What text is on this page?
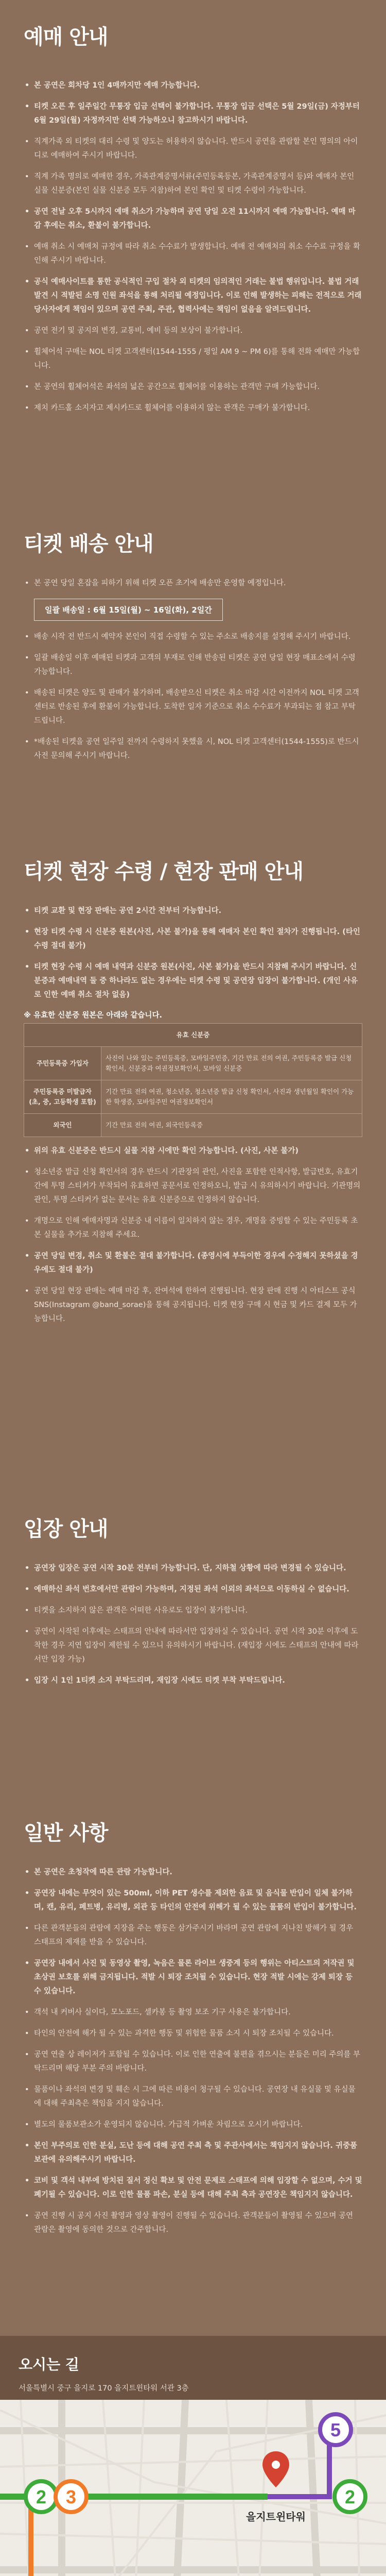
예매 안내
• 본 공연은 회차당 1인 4매까지만 예매 가능합니다.
• 티켓 오픈 후 일주일간 무통장 입금 선택이 불가합니다. 무통장 입금 선택은 5월 29일(금) 자정부터 6월 29일(월) 자정까지만 선택 가능하오니 참고하시기 바랍니다.
• 직계가족 외 티켓의 대리 수령 및 양도는 허용하지 않습니다. 반드시 공연을 관람할 본인 명의의 아이디로 예매하여 주시기 바랍니다.
• 직계 가족 명의로 예매한 경우, 가족관계증명서류(주민등록등본, 가족관계증명서 등)와 예매자 본인 실물 신분증(본인 실물 신분증 모두 지참)하여 본인 확인 및 티켓 수령이 가능합니다.
• 공연 전날 오후 5시까지 예매 취소가 가능하며 공연 당일 오전 11시까지 예매 가능합니다. 예매 마감 후에는 취소, 환불이 불가합니다.
• 예매 취소 시 예매처 규정에 따라 취소 수수료가 발생합니다. 예매 전 예매처의 취소 수수료 규정을 확인해 주시기 바랍니다.
• 공식 예매사이트를 통한 공식적인 구입 절차 외 티켓의 임의적인 거래는 불법 행위입니다. 불법 거래 발견 시 적발된 소명 인원 좌석을 통해 처리될 예정입니다. 이로 인해 발생하는 피해는 전적으로 거래 당사자에게 책임이 있으며 공연 주최, 주관, 협력사에는 책임이 없음을 알려드립니다.
• 공연 전기 및 공지의 변경, 교통비, 예비 등의 보상이 불가합니다.
• 휠체어석 구매는 NOL 티켓 고객센터(1544-1555 / 평일 AM 9 ~ PM 6)를 통해 전화 예매만 가능합니다.
• 본 공연의 휠체어석은 좌석의 넓은 공간으로 휠체어를 이용하는 관객만 구매 가능합니다.
• 제치 카드홀 소지자고 제시카드로 휠체어를 이용하지 않는 관객은 구매가 불가합니다.
티켓 배송 안내
• 본 공연 당일 혼잡을 피하기 위해 티켓 오픈 초기에 배송만 운영할 예정입니다.
일괄 배송일 : 6월 15일(월) ~ 16일(화), 2일간
• 배송 시작 전 반드시 예약자 본인이 직접 수령할 수 있는 주소로 배송지를 설정해 주시기 바랍니다.
• 일괄 배송일 이후 예매된 티켓과 고객의 부재로 인해 반송된 티켓은 공연 당일 현장 매표소에서 수령 가능합니다.
• 배송된 티켓은 양도 및 판매가 불가하며, 배송받으신 티켓은 취소 마감 시간 이전까지 NOL 티켓 고객센터로 반송된 후에 환불이 가능합니다. 도착한 일자 기준으로 취소 수수료가 부과되는 점 참고 부탁드립니다.
• *배송된 티켓을 공연 일주일 전까지 수령하지 못했을 시, NOL 티켓 고객센터(1544-1555)로 반드시 사전 문의해 주시기 바랍니다.
티켓 현장 수령 / 현장 판매 안내
• 티켓 교환 및 현장 판매는 공연 2시간 전부터 가능합니다.
• 현장 티켓 수령 시 신분증 원본(사진, 사본 불가)을 통해 예매자 본인 확인 절차가 진행됩니다. (타인 수령 절대 불가)
• 티켓 현장 수령 시 예매 내역과 신분증 원본(사진, 사본 불가)을 반드시 지참해 주시기 바랍니다. 신분증과 예매내역 둘 중 하나라도 없는 경우에는 티켓 수령 및 공연장 입장이 불가합니다. (개인 사유로 인한 예매 취소 절차 없음)
※ 유효한 신분증 원본은 아래와 같습니다.
유효 신분증	
주민등록증 가입자	사진이 나와 있는 주민등록증, 모바일주민증, 기간 만료 전의 여권, 주민등록증 발급 신청 확인서, 신분증과 여권정보확인서, 모바일 신분증
주민등록증 미발급자 (초, 중, 고등학생 포함)	기간 만료 전의 여권, 청소년증, 청소년증 발급 신청 확인서, 사진과 생년월일 확인이 가능한 학생증, 모바일주민 여권정보확인서
외국인	기간 만료 전의 여권, 외국인등록증
• 위의 유효 신분증은 반드시 실물 지참 시에만 확인 가능합니다. (사진, 사본 불가)
• 청소년증 발급 신청 확인서의 경우 반드시 기관장의 관인, 사진을 포함한 인적사항, 발급번호, 유효기간에 투명 스티커가 부착되어 유효하면 공문서로 인정하오니, 발급 시 유의하시기 바랍니다. 기관명의 관인, 투명 스티커가 없는 문서는 유효 신분증으로 인정하지 않습니다.
• 개명으로 인해 예매자명과 신분증 내 이름이 일치하지 않는 경우, 개명을 증빙할 수 있는 주민등록 초본 실물을 추가로 지참해 주세요.
• 공연 당일 변경, 취소 및 환불은 절대 불가합니다. (종영시에 부득이한 경우에 수정해지 못하셨을 경우에도 절대 불가)
• 공연 당일 현장 판매는 예매 마감 후, 잔여석에 한하여 진행됩니다. 현장 판매 진행 시 아티스트 공식 SNS(Instagram @band_sorae)을 통해 공지됩니다. 티켓 현장 구매 시 현금 및 카드 결제 모두 가능합니다.
입장 안내
• 공연장 입장은 공연 시작 30분 전부터 가능합니다. 단, 지하철 상황에 따라 변경될 수 있습니다.
• 예매하신 좌석 번호에서만 관람이 가능하며, 지정된 좌석 이외의 좌석으로 이동하실 수 없습니다.
• 티켓을 소지하지 않은 관객은 어떠한 사유로도 입장이 불가합니다.
• 공연이 시작된 이후에는 스태프의 안내에 따라서만 입장하실 수 있습니다. 공연 시작 30분 이후에 도착한 경우 지연 입장이 제한될 수 있으니 유의하시기 바랍니다. (재입장 시에도 스태프의 안내에 따라서만 입장 가능)
• 입장 시 1인 1티켓 소지 부탁드리며, 재입장 시에도 티켓 부착 부탁드립니다.
일반 사항
• 본 공연은 초청작에 따른 관람 가능합니다.
• 공연장 내에는 무엇이 있는 500ml, 이하 PET 생수를 제외한 음료 및 음식물 반입이 일체 불가하며, 캔, 유리, 페트병, 유리병, 외관 등 타인의 안전에 위해가 될 수 있는 물품의 반입이 불가합니다.
• 다른 관객분들의 관람에 지장을 주는 행동은 삼가주시기 바라며 공연 관람에 지나친 방해가 될 경우 스태프의 제재를 받을 수 있습니다.
• 공연장 내에서 사진 및 동영상 촬영, 녹음은 물론 라이브 생중계 등의 행위는 아티스트의 저작권 및 초상권 보호를 위해 금지됩니다. 적발 시 퇴장 조치될 수 있습니다. 현장 적발 시에는 강제 퇴장 등 수 있습니다.
• 객석 내 커버사 실이다, 모노포드, 셀카봉 등 촬영 보조 기구 사용은 불가합니다.
• 타인의 안전에 해가 될 수 있는 과격한 행동 및 위험한 물품 소지 시 퇴장 조치될 수 있습니다.
• 공연 연출 상 레이저가 포함될 수 있습니다. 이로 인한 연출에 불편을 겪으시는 분들은 미리 주의를 부탁드리며 해당 부분 주의 바랍니다.
• 물품이나 좌석의 변경 및 훼손 시 그에 따른 비용이 청구될 수 있습니다. 공연장 내 유실물 및 유실물에 대해 주최측은 책임을 지지 않습니다.
• 별도의 물품보관소가 운영되지 않습니다. 가급적 가벼운 차림으로 오시기 바랍니다.
• 본인 부주의로 인한 분실, 도난 등에 대해 공연 주최 측 및 주관사에서는 책임지지 않습니다. 귀중품 보관에 유의해주시기 바랍니다.
• 코비 및 객석 내부에 방치된 질서 정신 확보 및 안전 문제로 스태프에 의해 입장할 수 없으며, 수거 및 폐기될 수 있습니다. 이로 인한 물품 파손, 분실 등에 대해 주최 측과 공연장은 책임지지 않습니다.
• 공연 진행 시 공지 사진 촬영과 영상 촬영이 진행될 수 있습니다. 관객분들이 촬영될 수 있으며 공연 관람은 촬영에 동의한 것으로 간주합니다.
오시는 길
서울특별시 중구 을지로 170 을지트윈타워 서관 3층
2 3
5
2
을지트윈타워
